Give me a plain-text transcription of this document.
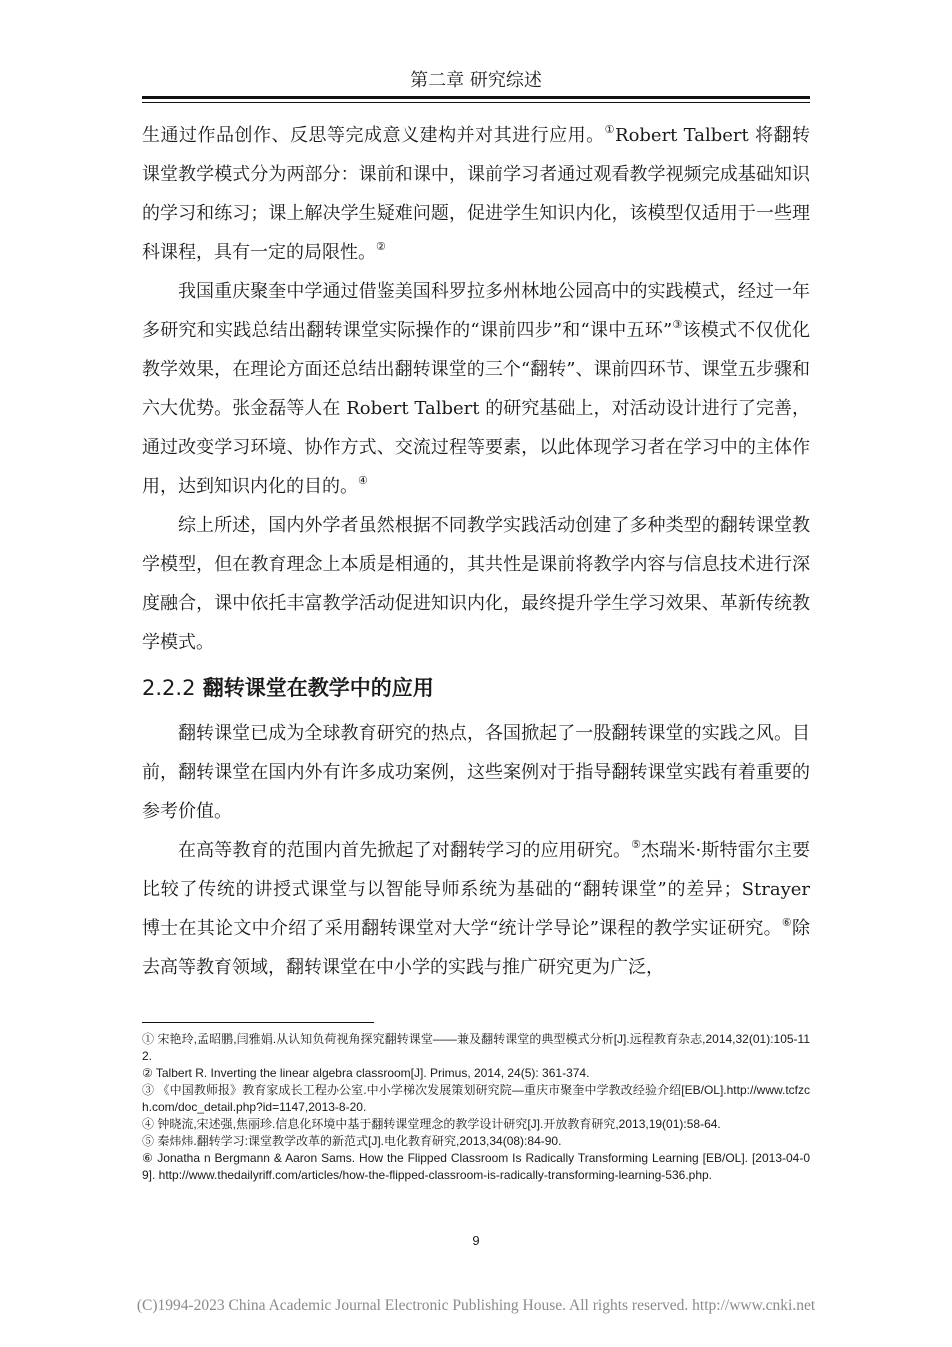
第二章 研究综述

生通过作品创作、反思等完成意义建构并对其进行应用。①Robert Talbert 将翻转课堂教学模式分为两部分：课前和课中，课前学习者通过观看教学视频完成基础知识的学习和练习；课上解决学生疑难问题，促进学生知识内化，该模型仅适用于一些理科课程，具有一定的局限性。②

我国重庆聚奎中学通过借鉴美国科罗拉多州林地公园高中的实践模式，经过一年多研究和实践总结出翻转课堂实际操作的“课前四步”和“课中五环”③该模式不仅优化教学效果，在理论方面还总结出翻转课堂的三个“翻转”、课前四环节、课堂五步骤和六大优势。张金磊等人在 Robert Talbert 的研究基础上，对活动设计进行了完善，通过改变学习环境、协作方式、交流过程等要素，以此体现学习者在学习中的主体作用，达到知识内化的目的。④

综上所述，国内外学者虽然根据不同教学实践活动创建了多种类型的翻转课堂教学模型，但在教育理念上本质是相通的，其共性是课前将教学内容与信息技术进行深度融合，课中依托丰富教学活动促进知识内化，最终提升学生学习效果、革新传统教学模式。

2.2.2 翻转课堂在教学中的应用

翻转课堂已成为全球教育研究的热点，各国掀起了一股翻转课堂的实践之风。目前，翻转课堂在国内外有许多成功案例，这些案例对于指导翻转课堂实践有着重要的参考价值。

在高等教育的范围内首先掀起了对翻转学习的应用研究。⑤杰瑞米·斯特雷尔主要比较了传统的讲授式课堂与以智能导师系统为基础的“翻转课堂”的差异；Strayer 博士在其论文中介绍了采用翻转课堂对大学“统计学导论”课程的教学实证研究。⑥除去高等教育领域，翻转课堂在中小学的实践与推广研究更为广泛，

① 宋艳玲,孟昭鹏,闫雅娟.从认知负荷视角探究翻转课堂——兼及翻转课堂的典型模式分析[J].远程教育杂志,2014,32(01):105-112.
② Talbert R. Inverting the linear algebra classroom[J]. Primus, 2014, 24(5): 361-374.
③ 《中国教师报》教育家成长工程办公室.中小学梯次发展策划研究院—重庆市聚奎中学教改经验介绍[EB/OL].http://www.tcfzch.com/doc_detail.php?id=1147,2013-8-20.
④ 钟晓流,宋述强,焦丽珍.信息化环境中基于翻转课堂理念的教学设计研究[J].开放教育研究,2013,19(01):58-64.
⑤ 秦炜炜.翻转学习:课堂教学改革的新范式[J].电化教育研究,2013,34(08):84-90.
⑥ Jonatha n Bergmann & Aaron Sams. How the Flipped Classroom Is Radically Transforming Learning [EB/OL]. [2013-04-09]. http://www.thedailyriff.com/articles/how-the-flipped-classroom-is-radically-transforming-learning-536.php.
9
(C)1994-2023 China Academic Journal Electronic Publishing House. All rights reserved. http://www.cnki.net
